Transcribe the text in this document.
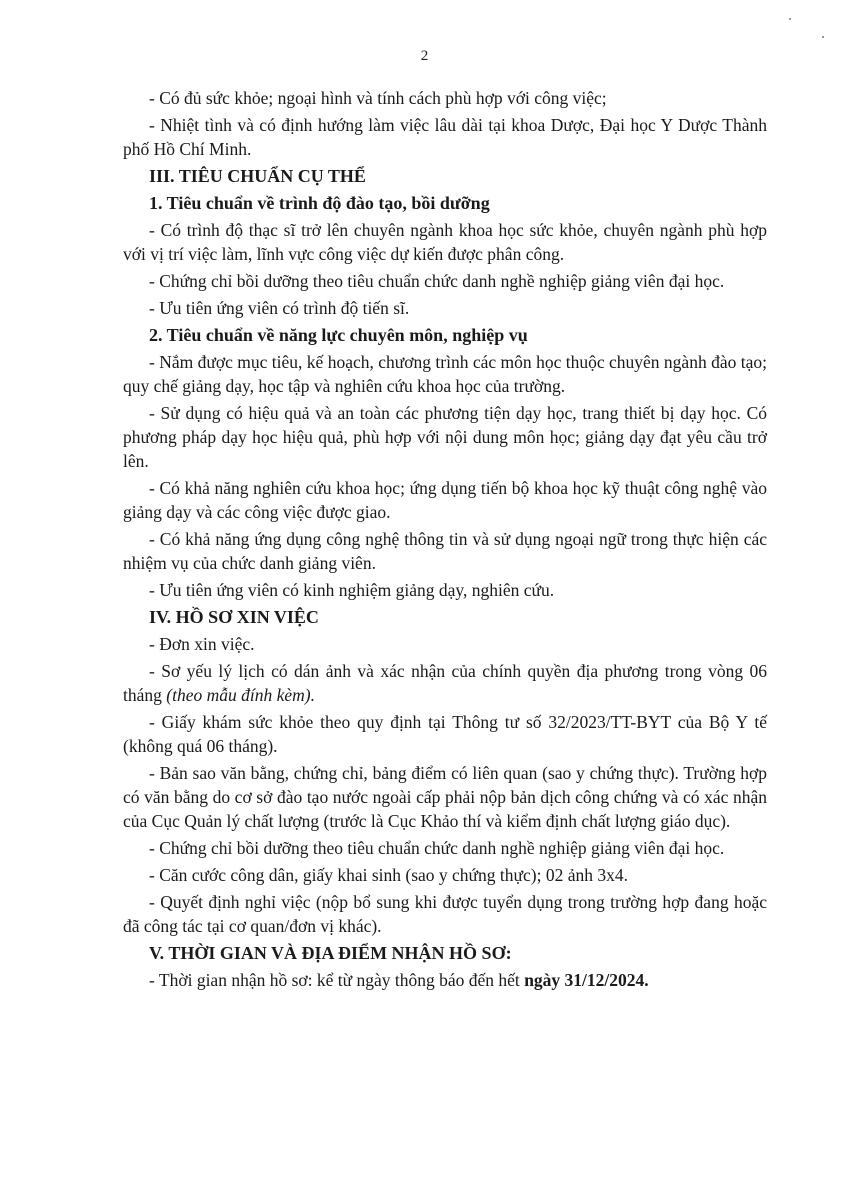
2

- Có đủ sức khỏe; ngoại hình và tính cách phù hợp với công việc;

- Nhiệt tình và có định hướng làm việc lâu dài tại khoa Dược, Đại học Y Dược Thành phố Hồ Chí Minh.

III. TIÊU CHUẨN CỤ THỂ

1. Tiêu chuẩn về trình độ đào tạo, bồi dưỡng

- Có trình độ thạc sĩ trở lên chuyên ngành khoa học sức khỏe, chuyên ngành phù hợp với vị trí việc làm, lĩnh vực công việc dự kiến được phân công.

- Chứng chỉ bồi dưỡng theo tiêu chuẩn chức danh nghề nghiệp giảng viên đại học.

- Ưu tiên ứng viên có trình độ tiến sĩ.

2. Tiêu chuẩn về năng lực chuyên môn, nghiệp vụ

- Nắm được mục tiêu, kế hoạch, chương trình các môn học thuộc chuyên ngành đào tạo; quy chế giảng dạy, học tập và nghiên cứu khoa học của trường.

- Sử dụng có hiệu quả và an toàn các phương tiện dạy học, trang thiết bị dạy học. Có phương pháp dạy học hiệu quả, phù hợp với nội dung môn học; giảng dạy đạt yêu cầu trở lên.

- Có khả năng nghiên cứu khoa học; ứng dụng tiến bộ khoa học kỹ thuật công nghệ vào giảng dạy và các công việc được giao.

- Có khả năng ứng dụng công nghệ thông tin và sử dụng ngoại ngữ trong thực hiện các nhiệm vụ của chức danh giảng viên.

- Ưu tiên ứng viên có kinh nghiệm giảng dạy, nghiên cứu.

IV. HỒ SƠ XIN VIỆC

- Đơn xin việc.

- Sơ yếu lý lịch có dán ảnh và xác nhận của chính quyền địa phương trong vòng 06 tháng (theo mẫu đính kèm).

- Giấy khám sức khỏe theo quy định tại Thông tư số 32/2023/TT-BYT của Bộ Y tế (không quá 06 tháng).

- Bản sao văn bằng, chứng chỉ, bảng điểm có liên quan (sao y chứng thực). Trường hợp có văn bằng do cơ sở đào tạo nước ngoài cấp phải nộp bản dịch công chứng và có xác nhận của Cục Quản lý chất lượng (trước là Cục Khảo thí và kiểm định chất lượng giáo dục).

- Chứng chỉ bồi dưỡng theo tiêu chuẩn chức danh nghề nghiệp giảng viên đại học.

- Căn cước công dân, giấy khai sinh (sao y chứng thực); 02 ảnh 3x4.

- Quyết định nghỉ việc (nộp bổ sung khi được tuyển dụng trong trường hợp đang hoặc đã công tác tại cơ quan/đơn vị khác).

V. THỜI GIAN VÀ ĐỊA ĐIỂM NHẬN HỒ SƠ:

- Thời gian nhận hồ sơ: kể từ ngày thông báo đến hết ngày 31/12/2024.
